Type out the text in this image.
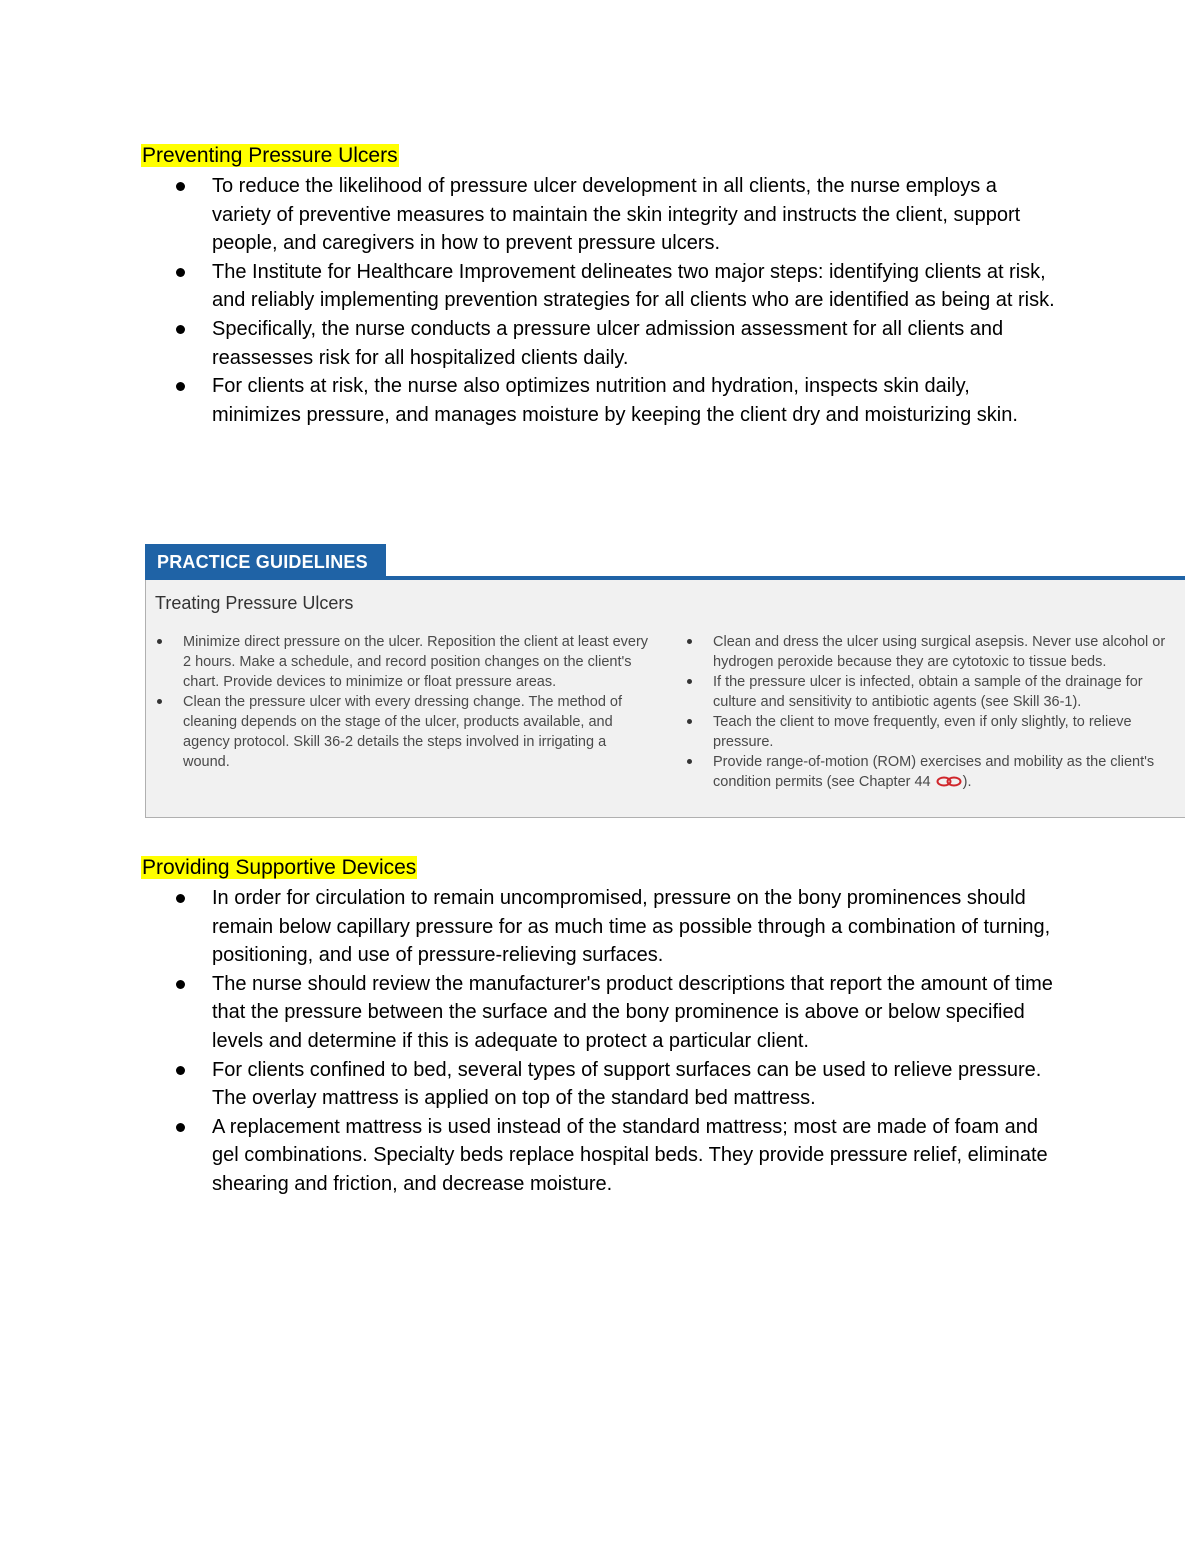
Preventing Pressure Ulcers
To reduce the likelihood of pressure ulcer development in all clients, the nurse employs a variety of preventive measures to maintain the skin integrity and instructs the client, support people, and caregivers in how to prevent pressure ulcers.
The Institute for Healthcare Improvement delineates two major steps: identifying clients at risk, and reliably implementing prevention strategies for all clients who are identified as being at risk.
Specifically, the nurse conducts a pressure ulcer admission assessment for all clients and reassesses risk for all hospitalized clients daily.
For clients at risk, the nurse also optimizes nutrition and hydration, inspects skin daily, minimizes pressure, and manages moisture by keeping the client dry and moisturizing skin.
PRACTICE GUIDELINES
Treating Pressure Ulcers
Minimize direct pressure on the ulcer. Reposition the client at least every 2 hours. Make a schedule, and record position changes on the client's chart. Provide devices to minimize or float pressure areas.
Clean the pressure ulcer with every dressing change. The method of cleaning depends on the stage of the ulcer, products available, and agency protocol. Skill 36-2 details the steps involved in irrigating a wound.
Clean and dress the ulcer using surgical asepsis. Never use alcohol or hydrogen peroxide because they are cytotoxic to tissue beds.
If the pressure ulcer is infected, obtain a sample of the drainage for culture and sensitivity to antibiotic agents (see Skill 36-1).
Teach the client to move frequently, even if only slightly, to relieve pressure.
Provide range-of-motion (ROM) exercises and mobility as the client's condition permits (see Chapter 44 ).
Providing Supportive Devices
In order for circulation to remain uncompromised, pressure on the bony prominences should remain below capillary pressure for as much time as possible through a combination of turning, positioning, and use of pressure-relieving surfaces.
The nurse should review the manufacturer's product descriptions that report the amount of time that the pressure between the surface and the bony prominence is above or below specified levels and determine if this is adequate to protect a particular client.
For clients confined to bed, several types of support surfaces can be used to relieve pressure. The overlay mattress is applied on top of the standard bed mattress.
A replacement mattress is used instead of the standard mattress; most are made of foam and gel combinations. Specialty beds replace hospital beds. They provide pressure relief, eliminate shearing and friction, and decrease moisture.
